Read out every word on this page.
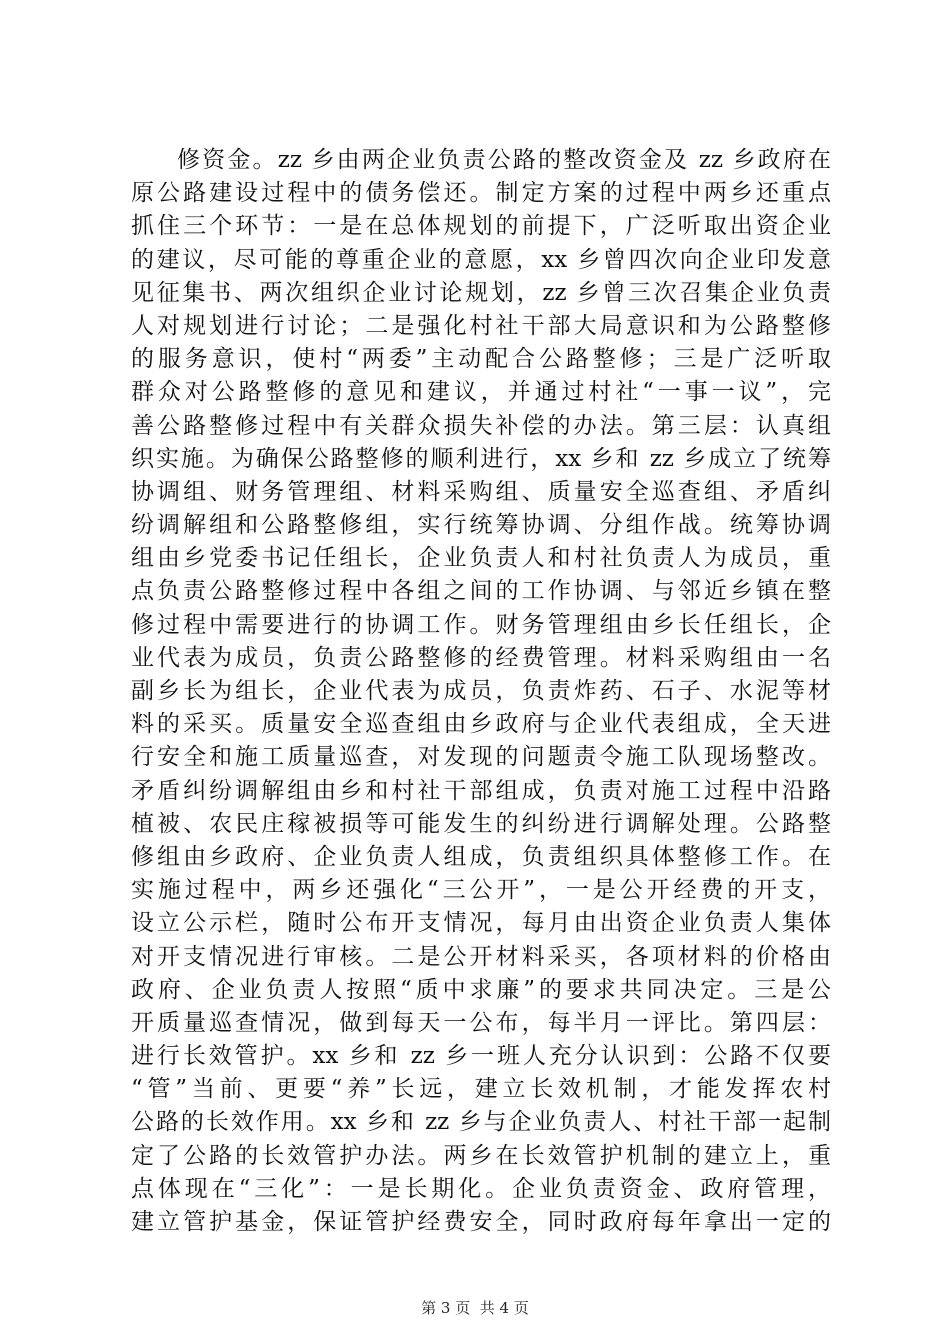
修资金。zz 乡由两企业负责公路的整改资金及 zz 乡政府在
原公路建设过程中的债务偿还。制定方案的过程中两乡还重点
抓住三个环节：一是在总体规划的前提下，广泛听取出资企业
的建议，尽可能的尊重企业的意愿，xx 乡曾四次向企业印发意
见征集书、两次组织企业讨论规划，zz 乡曾三次召集企业负责
人对规划进行讨论；二是强化村社干部大局意识和为公路整修
的服务意识，使村“两委”主动配合公路整修；三是广泛听取
群众对公路整修的意见和建议，并通过村社“一事一议”，完
善公路整修过程中有关群众损失补偿的办法。第三层：认真组
织实施。为确保公路整修的顺利进行，xx 乡和 zz 乡成立了统筹
协调组、财务管理组、材料采购组、质量安全巡查组、矛盾纠
纷调解组和公路整修组，实行统筹协调、分组作战。统筹协调
组由乡党委书记任组长，企业负责人和村社负责人为成员，重
点负责公路整修过程中各组之间的工作协调、与邻近乡镇在整
修过程中需要进行的协调工作。财务管理组由乡长任组长，企
业代表为成员，负责公路整修的经费管理。材料采购组由一名
副乡长为组长，企业代表为成员，负责炸药、石子、水泥等材
料的采买。质量安全巡查组由乡政府与企业代表组成，全天进
行安全和施工质量巡查，对发现的问题责令施工队现场整改。
矛盾纠纷调解组由乡和村社干部组成，负责对施工过程中沿路
植被、农民庄稼被损等可能发生的纠纷进行调解处理。公路整
修组由乡政府、企业负责人组成，负责组织具体整修工作。在
实施过程中，两乡还强化“三公开”，一是公开经费的开支，
设立公示栏，随时公布开支情况，每月由出资企业负责人集体
对开支情况进行审核。二是公开材料采买，各项材料的价格由
政府、企业负责人按照“质中求廉”的要求共同决定。三是公
开质量巡查情况，做到每天一公布，每半月一评比。第四层：
进行长效管护。xx 乡和 zz 乡一班人充分认识到：公路不仅要
“管”当前、更要“养”长远，建立长效机制，才能发挥农村
公路的长效作用。xx 乡和 zz 乡与企业负责人、村社干部一起制
定了公路的长效管护办法。两乡在长效管护机制的建立上，重
点体现在“三化”：一是长期化。企业负责资金、政府管理，
建立管护基金，保证管护经费安全，同时政府每年拿出一定的
第 3 页  共 4 页
